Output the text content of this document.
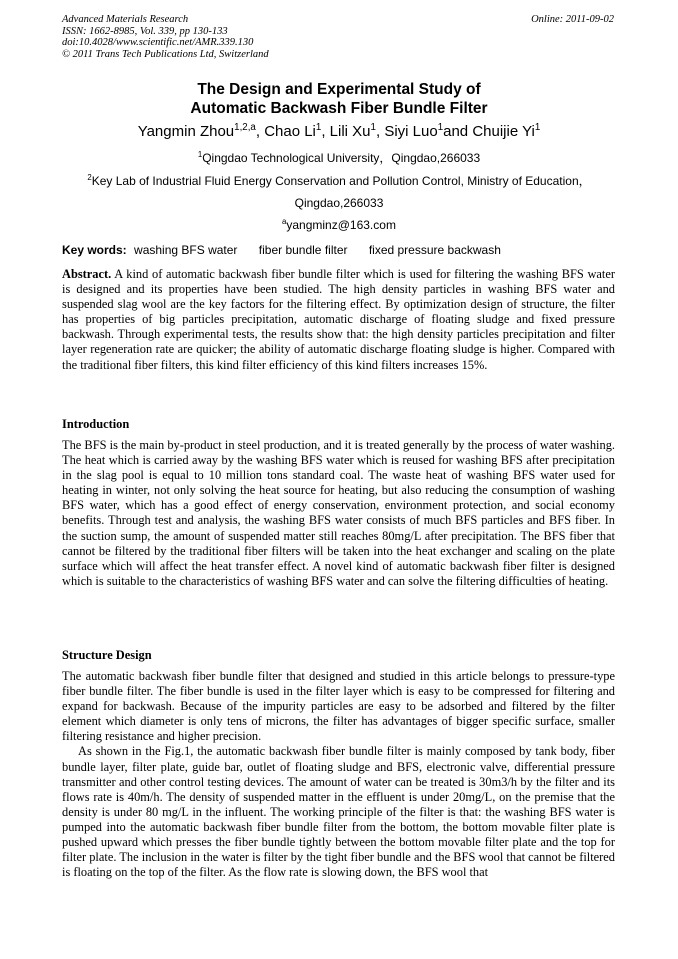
Advanced Materials Research
ISSN: 1662-8985, Vol. 339, pp 130-133
doi:10.4028/www.scientific.net/AMR.339.130
© 2011 Trans Tech Publications Ltd, Switzerland
Online: 2011-09-02
The Design and Experimental Study of
Automatic Backwash Fiber Bundle Filter
Yangmin Zhou$^{1,2,a}$, Chao Li$^1$, Lili Xu$^1$, Siyi Luo$^1$and Chuijie Yi$^1$
$^1$Qingdao Technological University，Qingdao,266033
$^2$Key Lab of Industrial Fluid Energy Conservation and Pollution Control, Ministry of Education，
Qingdao,266033
$^a$yangminz@163.com
Key words: washing BFS water fiber bundle filter fixed pressure backwash

Abstract. A kind of automatic backwash fiber bundle filter which is used for filtering the washing BFS water is designed and its properties have been studied. The high density particles in washing BFS water and suspended slag wool are the key factors for the filtering effect. By optimization design of structure, the filter has properties of big particles precipitation, automatic discharge of floating sludge and fixed pressure backwash. Through experimental tests, the results show that: the high density particles precipitation and filter layer regeneration rate are quicker; the ability of automatic discharge floating sludge is higher. Compared with the traditional fiber filters, this kind filter efficiency of this kind filters increases 15%.

Introduction

The BFS is the main by-product in steel production, and it is treated generally by the process of water washing. The heat which is carried away by the washing BFS water which is reused for washing BFS after precipitation in the slag pool is equal to 10 million tons standard coal. The waste heat of washing BFS water used for heating in winter, not only solving the heat source for heating, but also reducing the consumption of washing BFS water, which has a good effect of energy conservation, environment protection, and social economy benefits. Through test and analysis, the washing BFS water consists of much BFS particles and BFS fiber. In the suction sump, the amount of suspended matter still reaches 80mg/L after precipitation. The BFS fiber that cannot be filtered by the traditional fiber filters will be taken into the heat exchanger and scaling on the plate surface which will affect the heat transfer effect. A novel kind of automatic backwash fiber filter is designed which is suitable to the characteristics of washing BFS water and can solve the filtering difficulties of heating.

Structure Design

The automatic backwash fiber bundle filter that designed and studied in this article belongs to pressure-type fiber bundle filter. The fiber bundle is used in the filter layer which is easy to be compressed for filtering and expand for backwash. Because of the impurity particles are easy to be adsorbed and filtered by the filter element which diameter is only tens of microns, the filter has advantages of bigger specific surface, smaller filtering resistance and higher precision.

As shown in the Fig.1, the automatic backwash fiber bundle filter is mainly composed by tank body, fiber bundle layer, filter plate, guide bar, outlet of floating sludge and BFS, electronic valve, differential pressure transmitter and other control testing devices. The amount of water can be treated is 30m3/h by the filter and its flows rate is 40m/h. The density of suspended matter in the effluent is under 20mg/L, on the premise that the density is under 80 mg/L in the influent. The working principle of the filter is that: the washing BFS water is pumped into the automatic backwash fiber bundle filter from the bottom, the bottom movable filter plate is pushed upward which presses the fiber bundle tightly between the bottom movable filter plate and the top for filter plate. The inclusion in the water is filter by the tight fiber bundle and the BFS wool that cannot be filtered is floating on the top of the filter. As the flow rate is slowing down, the BFS wool that
